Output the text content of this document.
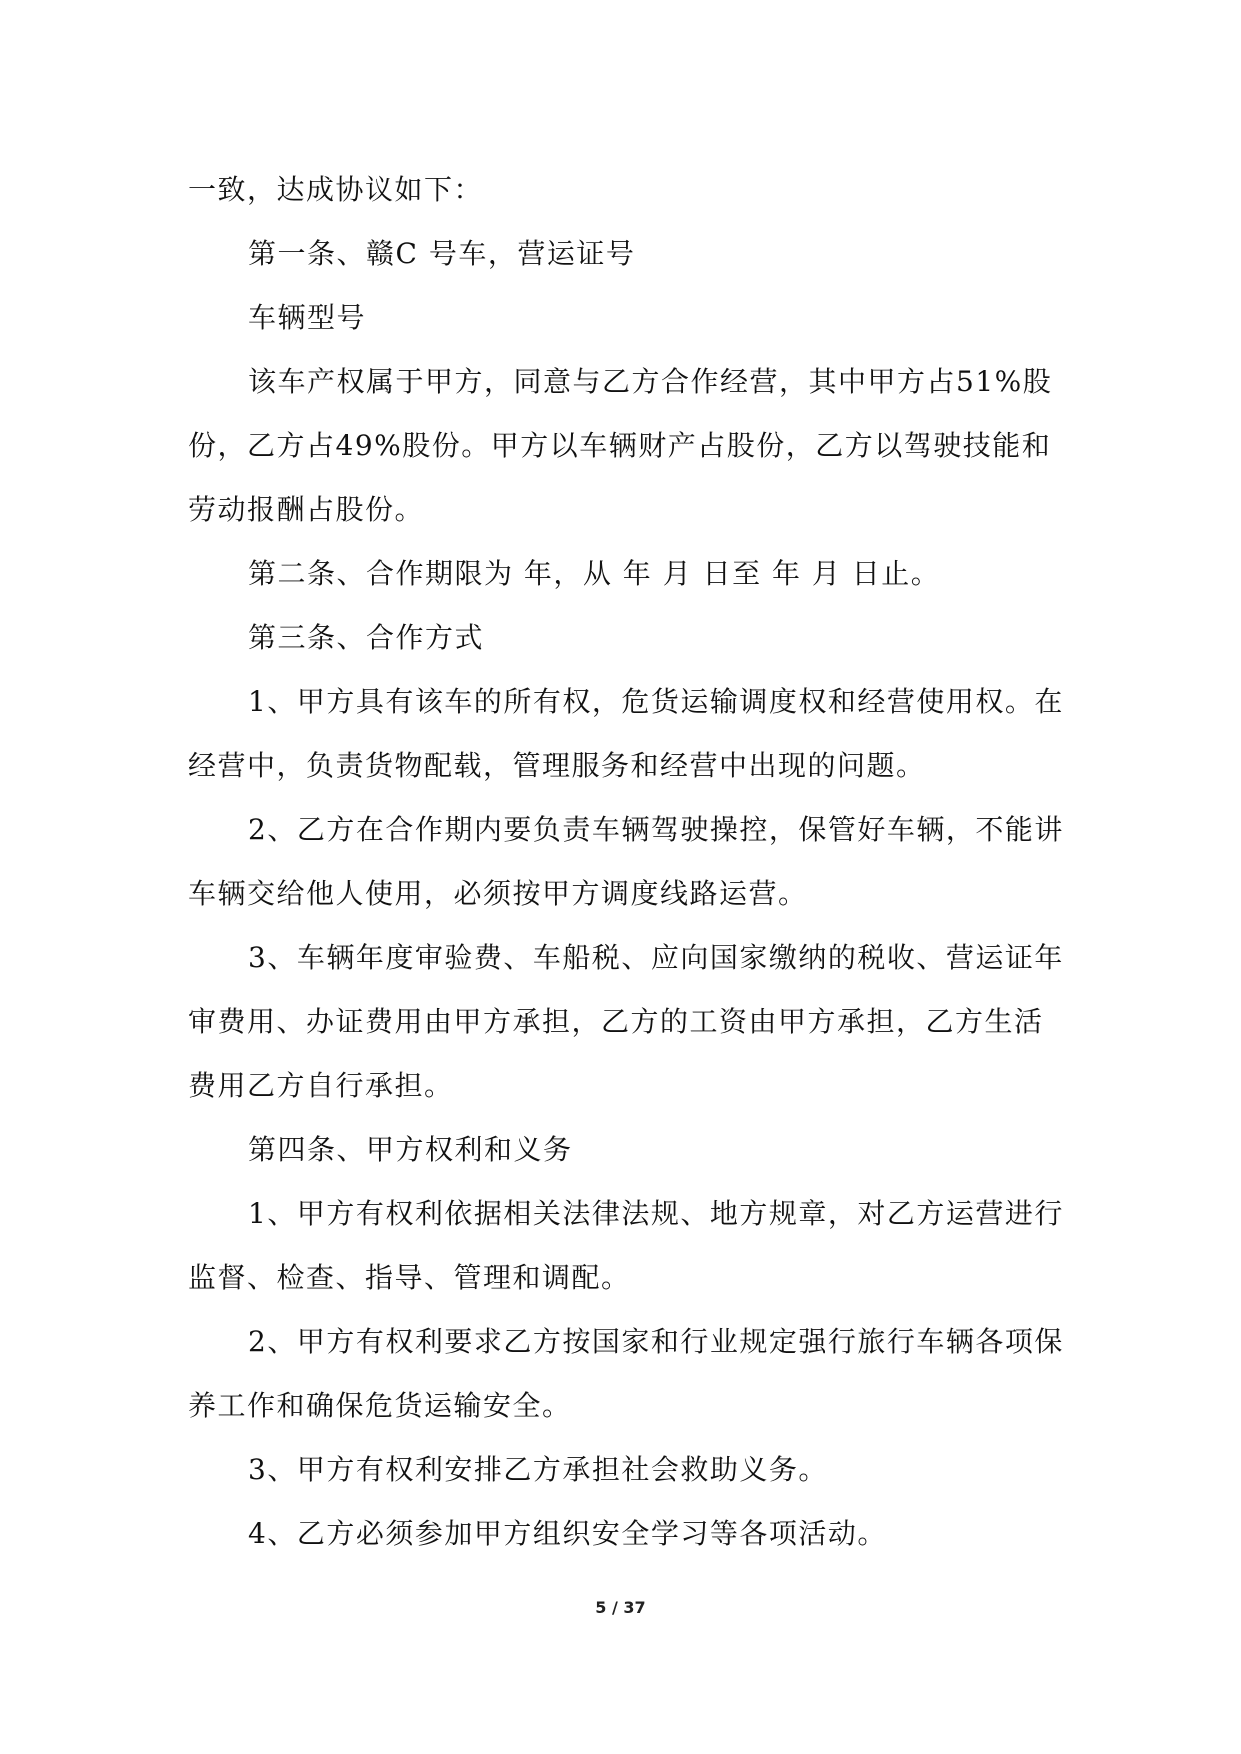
一致，达成协议如下：

第一条、赣C 号车，营运证号

车辆型号

该车产权属于甲方，同意与乙方合作经营，其中甲方占51%股份，乙方占49%股份。甲方以车辆财产占股份，乙方以驾驶技能和劳动报酬占股份。

第二条、合作期限为 年，从 年 月 日至 年 月 日止。

第三条、合作方式

1、甲方具有该车的所有权，危货运输调度权和经营使用权。在经营中，负责货物配载，管理服务和经营中出现的问题。

2、乙方在合作期内要负责车辆驾驶操控，保管好车辆，不能讲车辆交给他人使用，必须按甲方调度线路运营。

3、车辆年度审验费、车船税、应向国家缴纳的税收、营运证年审费用、办证费用由甲方承担，乙方的工资由甲方承担，乙方生活费用乙方自行承担。

第四条、甲方权利和义务

1、甲方有权利依据相关法律法规、地方规章，对乙方运营进行监督、检查、指导、管理和调配。

2、甲方有权利要求乙方按国家和行业规定强行旅行车辆各项保养工作和确保危货运输安全。

3、甲方有权利安排乙方承担社会救助义务。

4、乙方必须参加甲方组织安全学习等各项活动。

5 / 37
